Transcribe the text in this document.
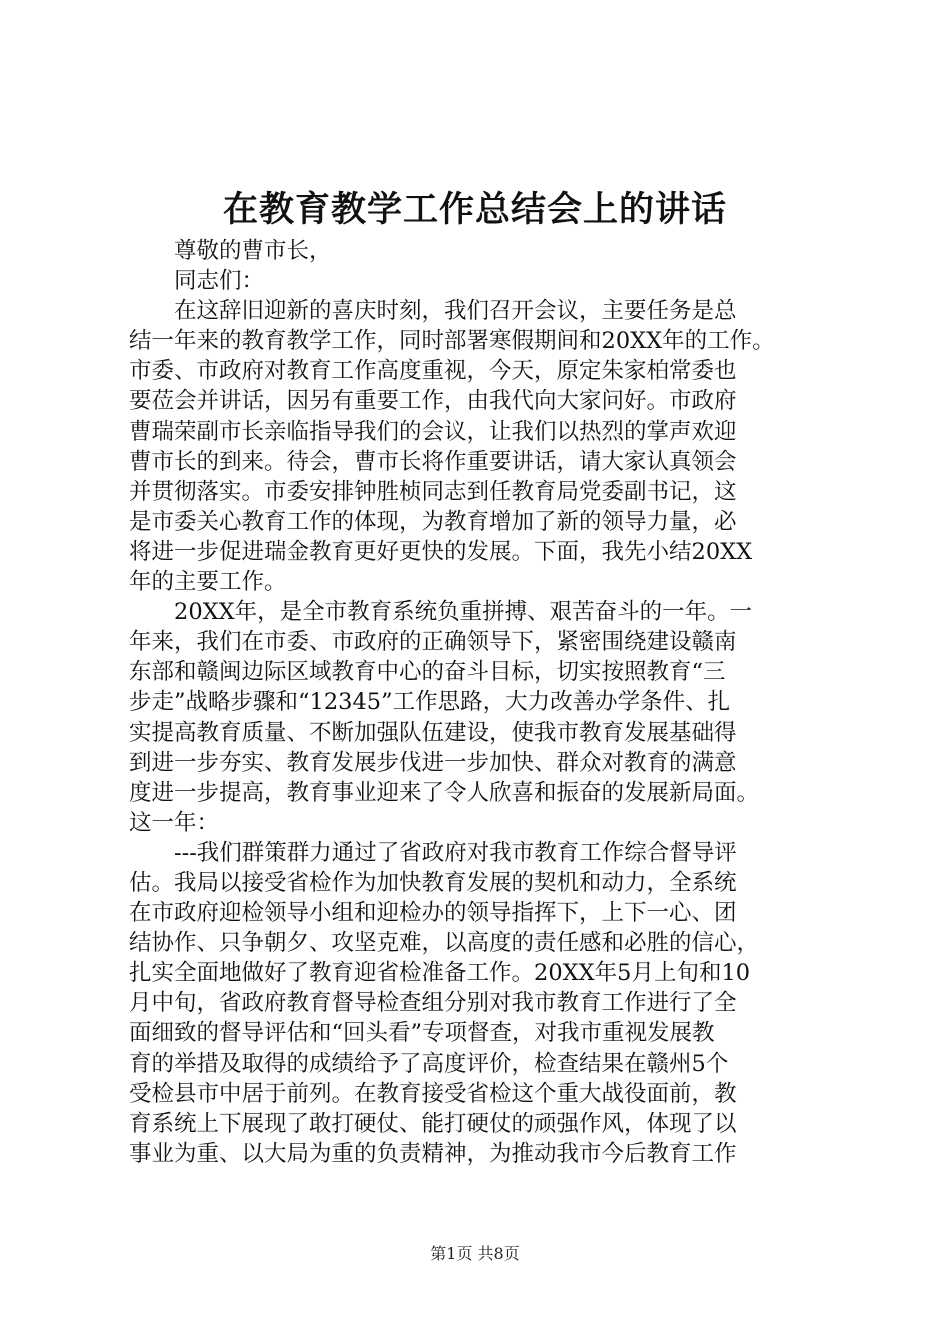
在教育教学工作总结会上的讲话
尊敬的曹市长，
同志们：
在这辞旧迎新的喜庆时刻，我们召开会议，主要任务是总
结一年来的教育教学工作，同时部署寒假期间和20XX年的工作。
市委、市政府对教育工作高度重视，今天，原定朱家柏常委也
要莅会并讲话，因另有重要工作，由我代向大家问好。市政府
曹瑞荣副市长亲临指导我们的会议，让我们以热烈的掌声欢迎
曹市长的到来。待会，曹市长将作重要讲话，请大家认真领会
并贯彻落实。市委安排钟胜桢同志到任教育局党委副书记，这
是市委关心教育工作的体现，为教育增加了新的领导力量，必
将进一步促进瑞金教育更好更快的发展。下面，我先小结20XX
年的主要工作。
20XX年，是全市教育系统负重拼搏、艰苦奋斗的一年。一
年来，我们在市委、市政府的正确领导下，紧密围绕建设赣南
东部和赣闽边际区域教育中心的奋斗目标，切实按照教育“三
步走”战略步骤和“12345”工作思路，大力改善办学条件、扎
实提高教育质量、不断加强队伍建设，使我市教育发展基础得
到进一步夯实、教育发展步伐进一步加快、群众对教育的满意
度进一步提高，教育事业迎来了令人欣喜和振奋的发展新局面。
这一年：
---我们群策群力通过了省政府对我市教育工作综合督导评
估。我局以接受省检作为加快教育发展的契机和动力，全系统
在市政府迎检领导小组和迎检办的领导指挥下，上下一心、团
结协作、只争朝夕、攻坚克难，以高度的责任感和必胜的信心，
扎实全面地做好了教育迎省检准备工作。20XX年5月上旬和10
月中旬，省政府教育督导检查组分别对我市教育工作进行了全
面细致的督导评估和“回头看”专项督查，对我市重视发展教
育的举措及取得的成绩给予了高度评价，检查结果在赣州5个
受检县市中居于前列。在教育接受省检这个重大战役面前，教
育系统上下展现了敢打硬仗、能打硬仗的顽强作风，体现了以
事业为重、以大局为重的负责精神，为推动我市今后教育工作
第1页 共8页
